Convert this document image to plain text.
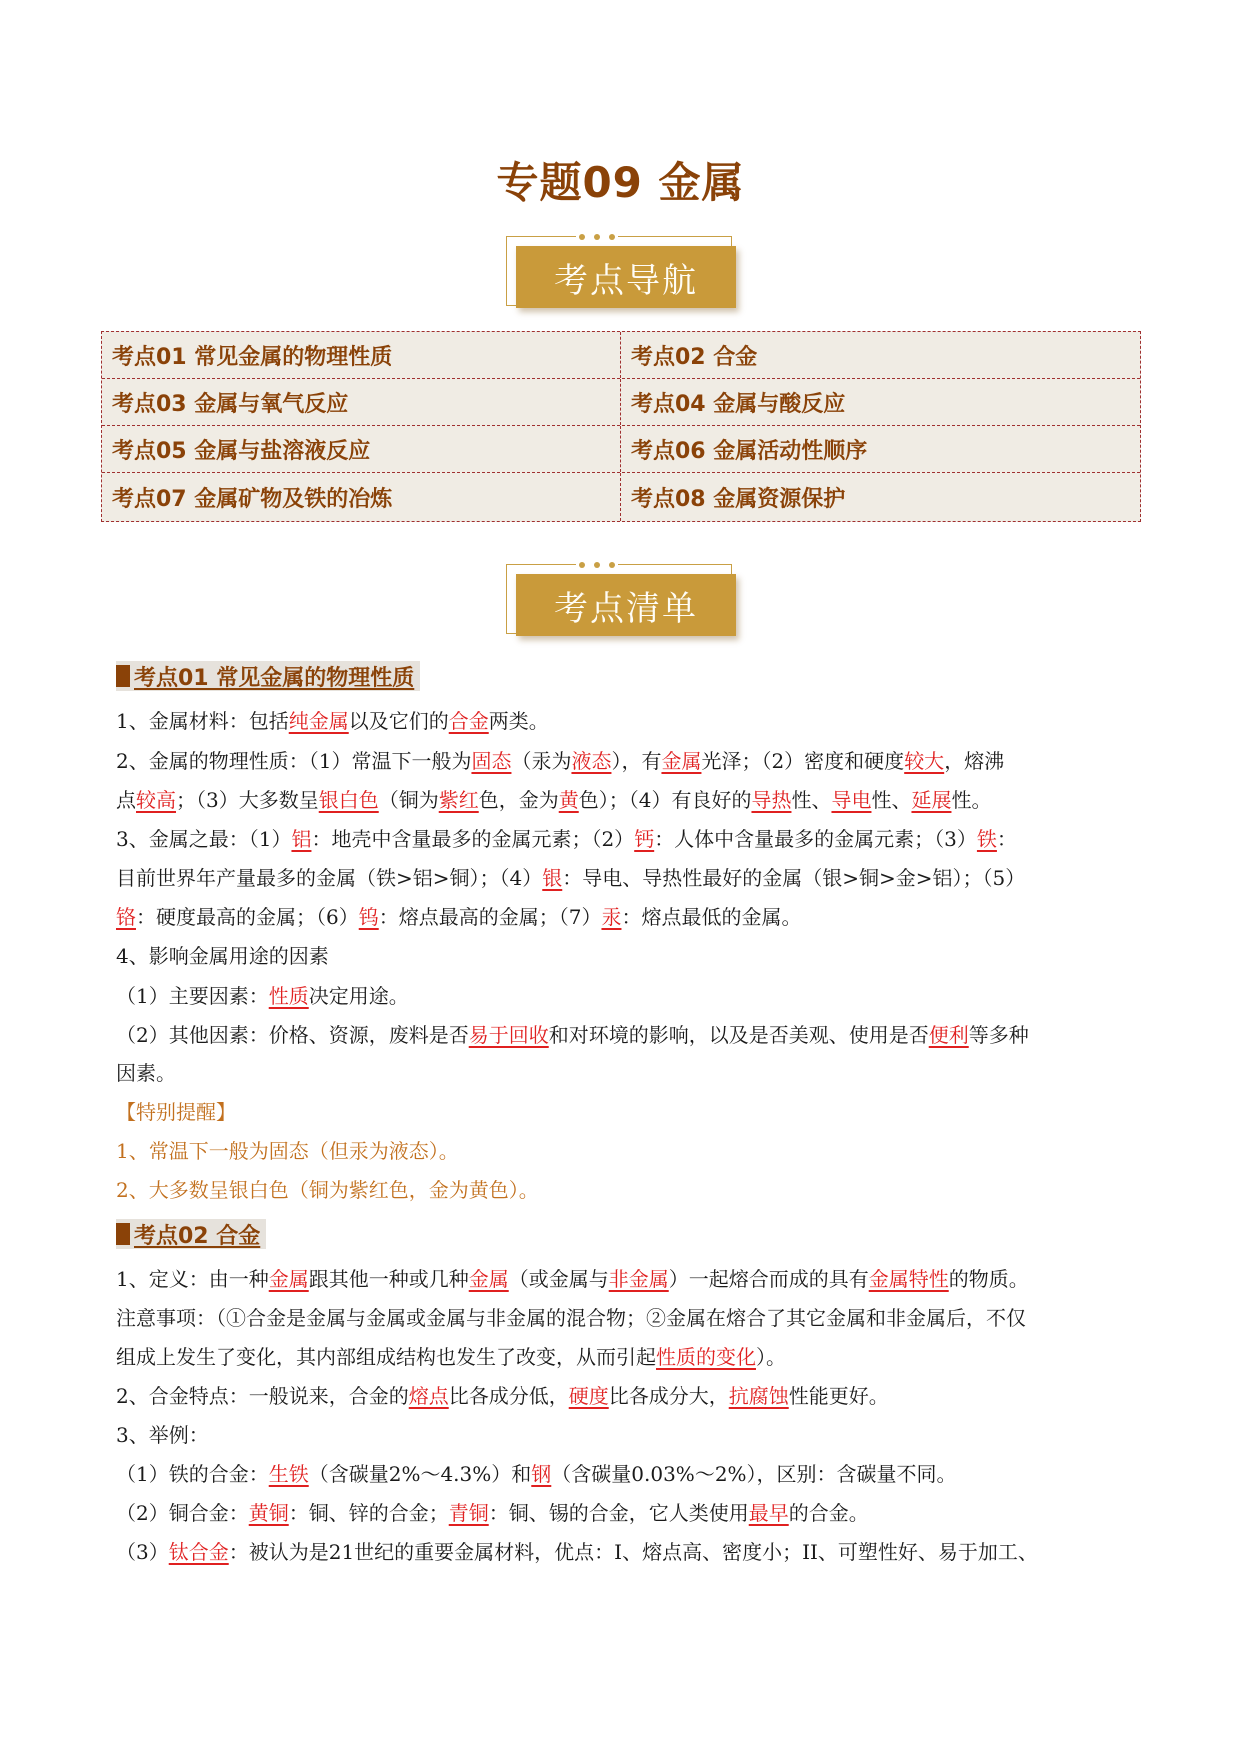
专题09 金属
考点导航
考点01 常见金属的物理性质	考点02 合金
考点03 金属与氧气反应	考点04 金属与酸反应
考点05 金属与盐溶液反应	考点06 金属活动性顺序
考点07 金属矿物及铁的冶炼	考点08 金属资源保护
考点清单
考点01 常见金属的物理性质
1、金属材料：包括纯金属以及它们的合金两类。
2、金属的物理性质：（1）常温下一般为固态（汞为液态），有金属光泽；（2）密度和硬度较大，熔沸
点较高；（3）大多数呈银白色（铜为紫红色，金为黄色）；（4）有良好的导热性、导电性、延展性。
3、金属之最：（1）铝：地壳中含量最多的金属元素；（2）钙：人体中含量最多的金属元素；（3）铁：
目前世界年产量最多的金属（铁>铝>铜）；（4）银：导电、导热性最好的金属（银>铜>金>铝）；（5）
铬：硬度最高的金属；（6）钨：熔点最高的金属；（7）汞：熔点最低的金属。
4、影响金属用途的因素
（1）主要因素：性质决定用途。
（2）其他因素：价格、资源，废料是否易于回收和对环境的影响，以及是否美观、使用是否便利等多种
因素。
【特别提醒】
1、常温下一般为固态（但汞为液态）。
2、大多数呈银白色（铜为紫红色，金为黄色）。
考点02 合金
1、定义：由一种金属跟其他一种或几种金属（或金属与非金属）一起熔合而成的具有金属特性的物质。
注意事项：（①合金是金属与金属或金属与非金属的混合物；②金属在熔合了其它金属和非金属后，不仅
组成上发生了变化，其内部组成结构也发生了改变，从而引起性质的变化）。
2、合金特点：一般说来，合金的熔点比各成分低，硬度比各成分大，抗腐蚀性能更好。
3、举例：
（1）铁的合金：生铁（含碳量2%～4.3%）和钢（含碳量0.03%～2%），区别：含碳量不同。
（2）铜合金：黄铜：铜、锌的合金；青铜：铜、锡的合金，它人类使用最早的合金。
（3）钛合金：被认为是21世纪的重要金属材料，优点：I、熔点高、密度小；II、可塑性好、易于加工、
